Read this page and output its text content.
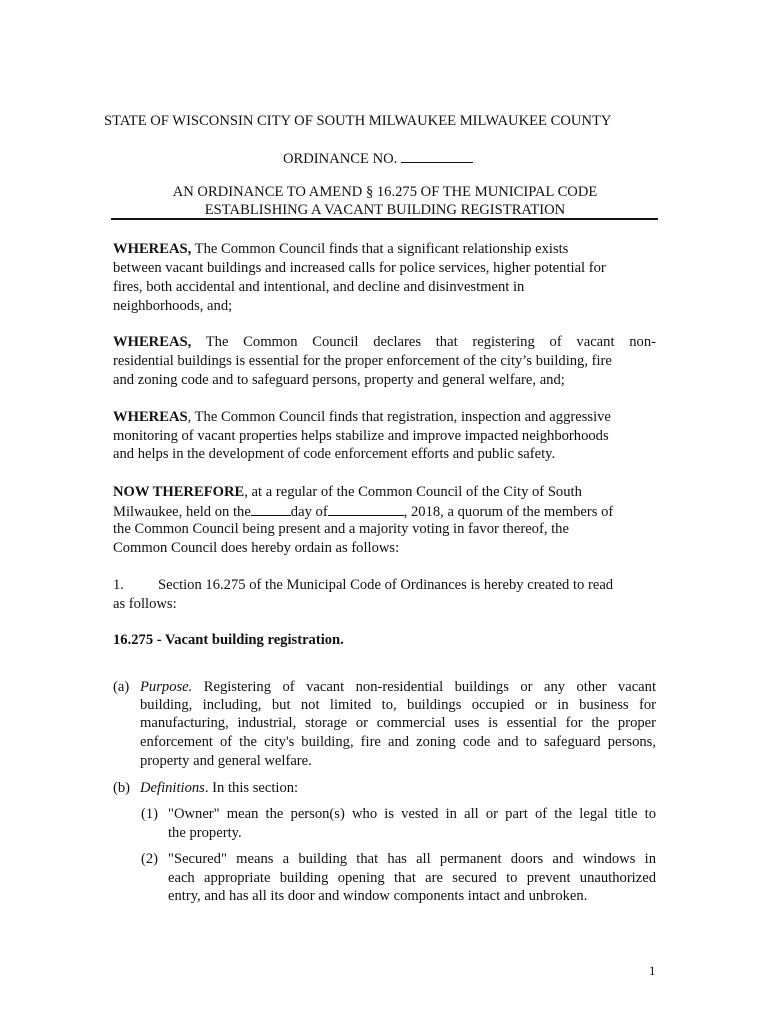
STATE OF WISCONSIN CITY OF SOUTH MILWAUKEE MILWAUKEE COUNTY
ORDINANCE NO.
AN ORDINANCE TO AMEND § 16.275 OF THE MUNICIPAL CODE
ESTABLISHING A VACANT BUILDING REGISTRATION
WHEREAS, The Common Council finds that a significant relationship exists
between vacant buildings and increased calls for police services, higher potential for
fires, both accidental and intentional, and decline and disinvestment in
neighborhoods, and;
WHEREAS, The Common Council declares that registering of vacant non-
residential buildings is essential for the proper enforcement of the city’s building, fire
and zoning code and to safeguard persons, property and general welfare, and;
WHEREAS, The Common Council finds that registration, inspection and aggressive
monitoring of vacant properties helps stabilize and improve impacted neighborhoods
and helps in the development of code enforcement efforts and public safety.
NOW THEREFORE, at a regular of the Common Council of the City of South
Milwaukee, held on the	day of	, 2018, a quorum of the members of
the Common Council being present and a majority voting in favor thereof, the
Common Council does hereby ordain as follows:
1. Section 16.275 of the Municipal Code of Ordinances is hereby created to read
as follows:
16.275 - Vacant building registration.
(a) Purpose. Registering of vacant non-residential buildings or any other vacant
building, including, but not limited to, buildings occupied or in business for
manufacturing, industrial, storage or commercial uses is essential for the proper
enforcement of the city's building, fire and zoning code and to safeguard persons,
property and general welfare.
(b) Definitions. In this section:
(1) "Owner" mean the person(s) who is vested in all or part of the legal title to
the property.
(2) "Secured" means a building that has all permanent doors and windows in
each appropriate building opening that are secured to prevent unauthorized
entry, and has all its door and window components intact and unbroken.
1
